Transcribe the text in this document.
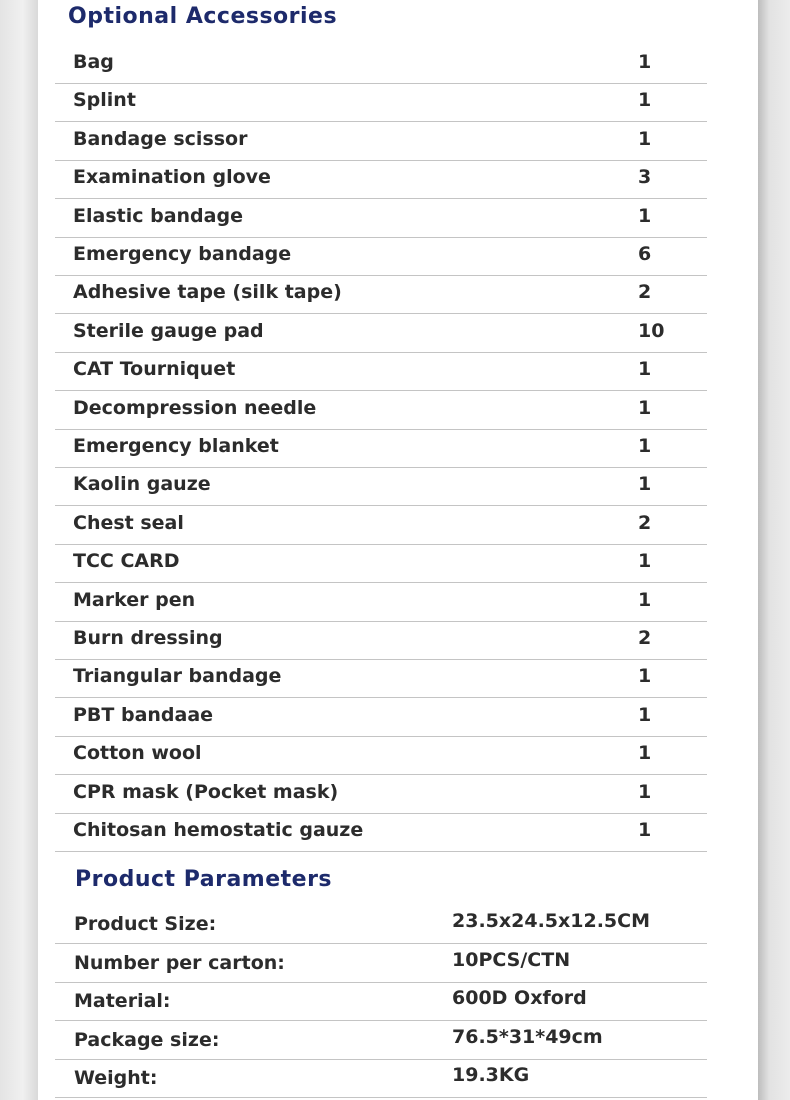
Optional Accessories
Bag	1
Splint	1
Bandage scissor	1
Examination glove	3
Elastic bandage	1
Emergency bandage	6
Adhesive tape (silk tape)	2
Sterile gauge pad	10
CAT Tourniquet	1
Decompression needle	1
Emergency blanket	1
Kaolin gauze	1
Chest seal	2
TCC CARD	1
Marker pen	1
Burn dressing	2
Triangular bandage	1
PBT bandaae	1
Cotton wool	1
CPR mask (Pocket mask)	1
Chitosan hemostatic gauze	1
Product Parameters
Product Size:	23.5x24.5x12.5CM
Number per carton:	10PCS/CTN
Material:	600D Oxford
Package size:	76.5*31*49cm
Weight:	19.3KG
